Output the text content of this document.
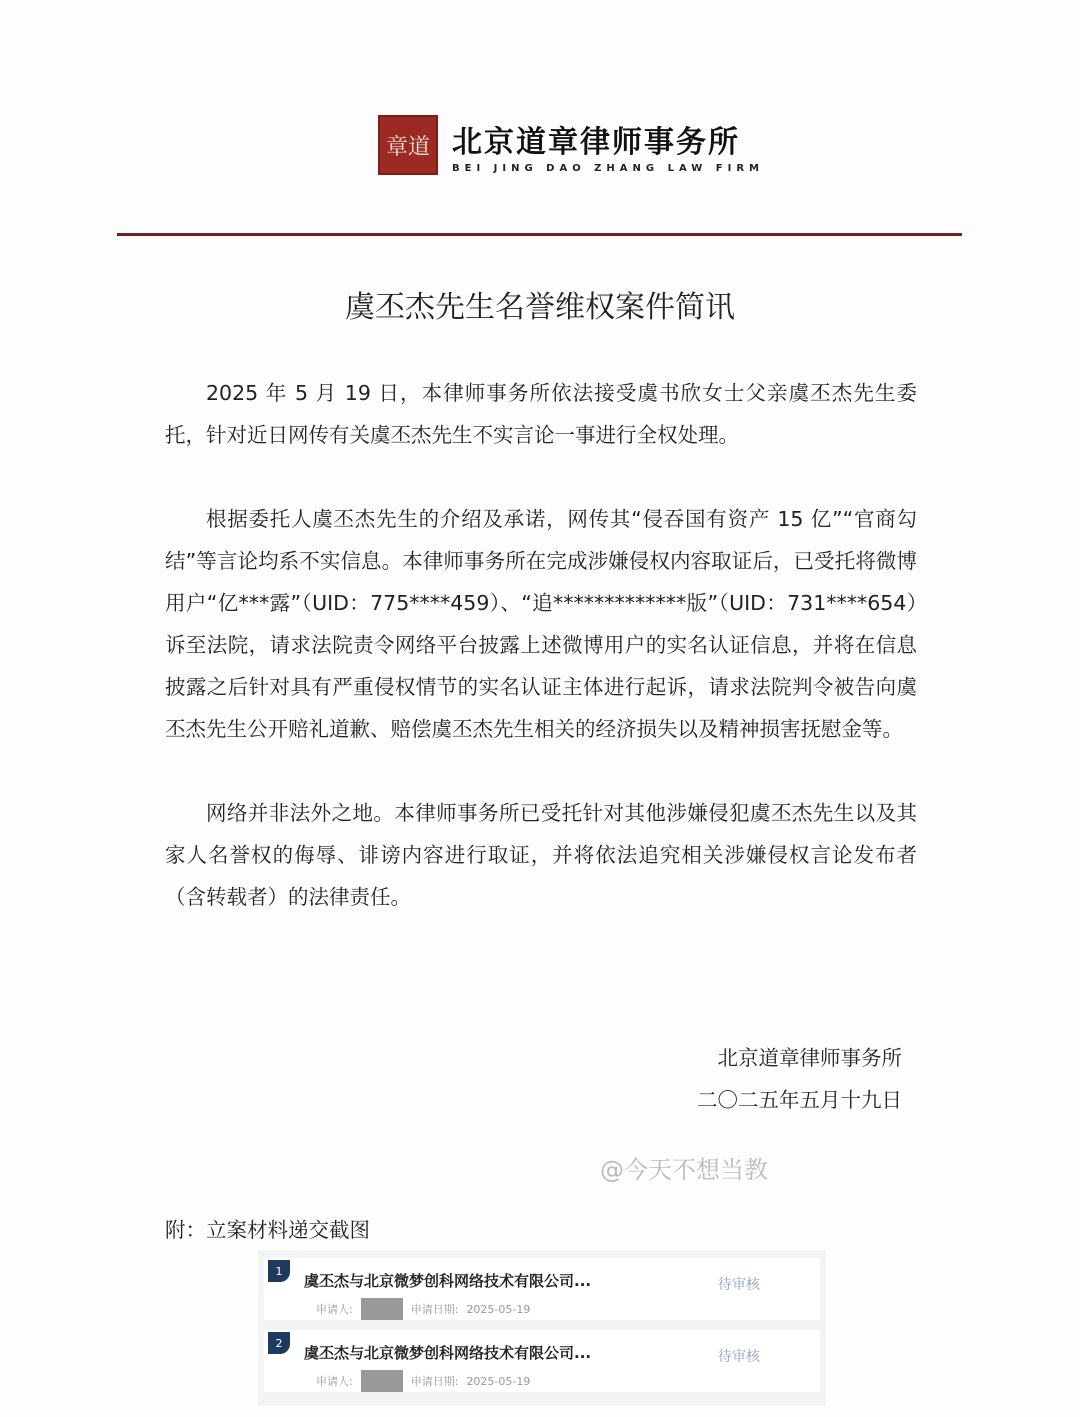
章道 北京道章律师事务所
BEI JING DAO ZHANG LAW FIRM
虞丕杰先生名誉维权案件简讯

2025 年 5 月 19 日，本律师事务所依法接受虞书欣女士父亲虞丕杰先生委托，针对近日网传有关虞丕杰先生不实言论一事进行全权处理。

根据委托人虞丕杰先生的介绍及承诺，网传其“侵吞国有资产 15 亿”“官商勾结”等言论均系不实信息。本律师事务所在完成涉嫌侵权内容取证后，已受托将微博用户“亿***露”（UID：775****459）、“追*************版”（UID：731****654）诉至法院，请求法院责令网络平台披露上述微博用户的实名认证信息，并将在信息披露之后针对具有严重侵权情节的实名认证主体进行起诉，请求法院判令被告向虞丕杰先生公开赔礼道歉、赔偿虞丕杰先生相关的经济损失以及精神损害抚慰金等。

网络并非法外之地。本律师事务所已受托针对其他涉嫌侵犯虞丕杰先生以及其家人名誉权的侮辱、诽谤内容进行取证，并将依法追究相关涉嫌侵权言论发布者（含转载者）的法律责任。

北京道章律师事务所
二〇二五年五月十九日
@今天不想当教
附：立案材料递交截图
1
虞丕杰与北京微梦创科网络技术有限公司...
申请人:	申请日期: 2025-05-19
待审核
2
虞丕杰与北京微梦创科网络技术有限公司...
申请人:	申请日期: 2025-05-19
待审核
